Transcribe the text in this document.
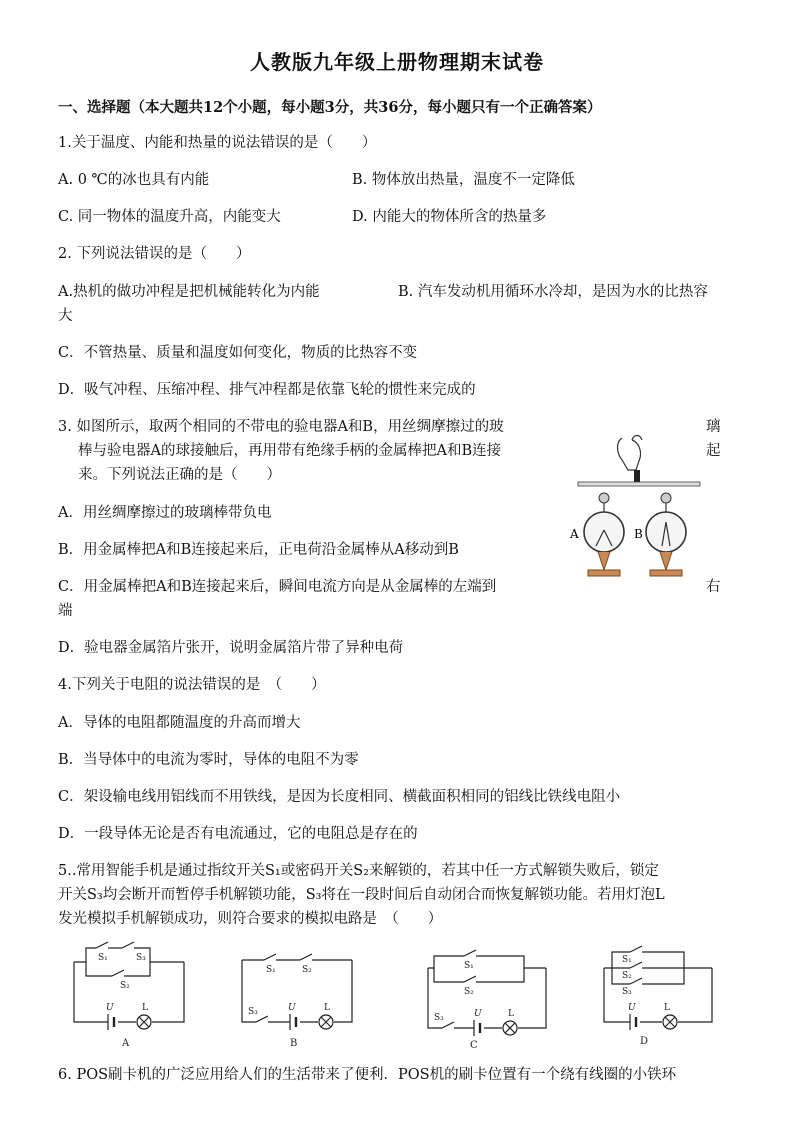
人教版九年级上册物理期末试卷
一、选择题（本大题共12个小题，每小题3分，共36分，每小题只有一个正确答案）
1.关于温度、内能和热量的说法错误的是（　　）
A. 0 ℃的冰也具有内能	B. 物体放出热量，温度不一定降低
C. 同一物体的温度升高，内能变大	D. 内能大的物体所含的热量多
2. 下列说法错误的是（　　）
A.热机的做功冲程是把机械能转化为内能	B. 汽车发动机用循环水冷却，是因为水的比热容
大
C．不管热量、质量和温度如何变化，物质的比热容不变
D．吸气冲程、压缩冲程、排气冲程都是依靠飞轮的惯性来完成的
3. 如图所示，取两个相同的不带电的验电器A和B，用丝绸摩擦过的玻	璃
棒与验电器A的球接触后，再用带有绝缘手柄的金属棒把A和B连接	起
来。下列说法正确的是（　　）
A．用丝绸摩擦过的玻璃棒带负电
B．用金属棒把A和B连接起来后，正电荷沿金属棒从A移动到B
C．用金属棒把A和B连接起来后，瞬间电流方向是从金属棒的左端到	右
端
D．验电器金属箔片张开，说明金属箔片带了异种电荷
A	B
4.下列关于电阻的说法错误的是　（　　）
A．导体的电阻都随温度的升高而增大
B．当导体中的电流为零时，导体的电阻不为零
C．架设输电线用铝线而不用铁线，是因为长度相同、横截面积相同的铝线比铁线电阻小
D．一段导体无论是否有电流通过，它的电阻总是存在的
5..常用智能手机是通过指纹开关S₁或密码开关S₂来解锁的，若其中任一方式解锁失败后，锁定
开关S₃均会断开而暂停手机解锁功能，S₃将在一段时间后自动闭合而恢复解锁功能。若用灯泡L
发光模拟手机解锁成功，则符合要求的模拟电路是　（　　）
S₁	S₃
S₂
U	L
A
S₁	S₂
S₃	U	L
B
S₁
S₂
S₃	U	L
C
S₁
S₂
S₃
U	L
D
6. POS刷卡机的广泛应用给人们的生活带来了便利．POS机的刷卡位置有一个绕有线圈的小铁环
